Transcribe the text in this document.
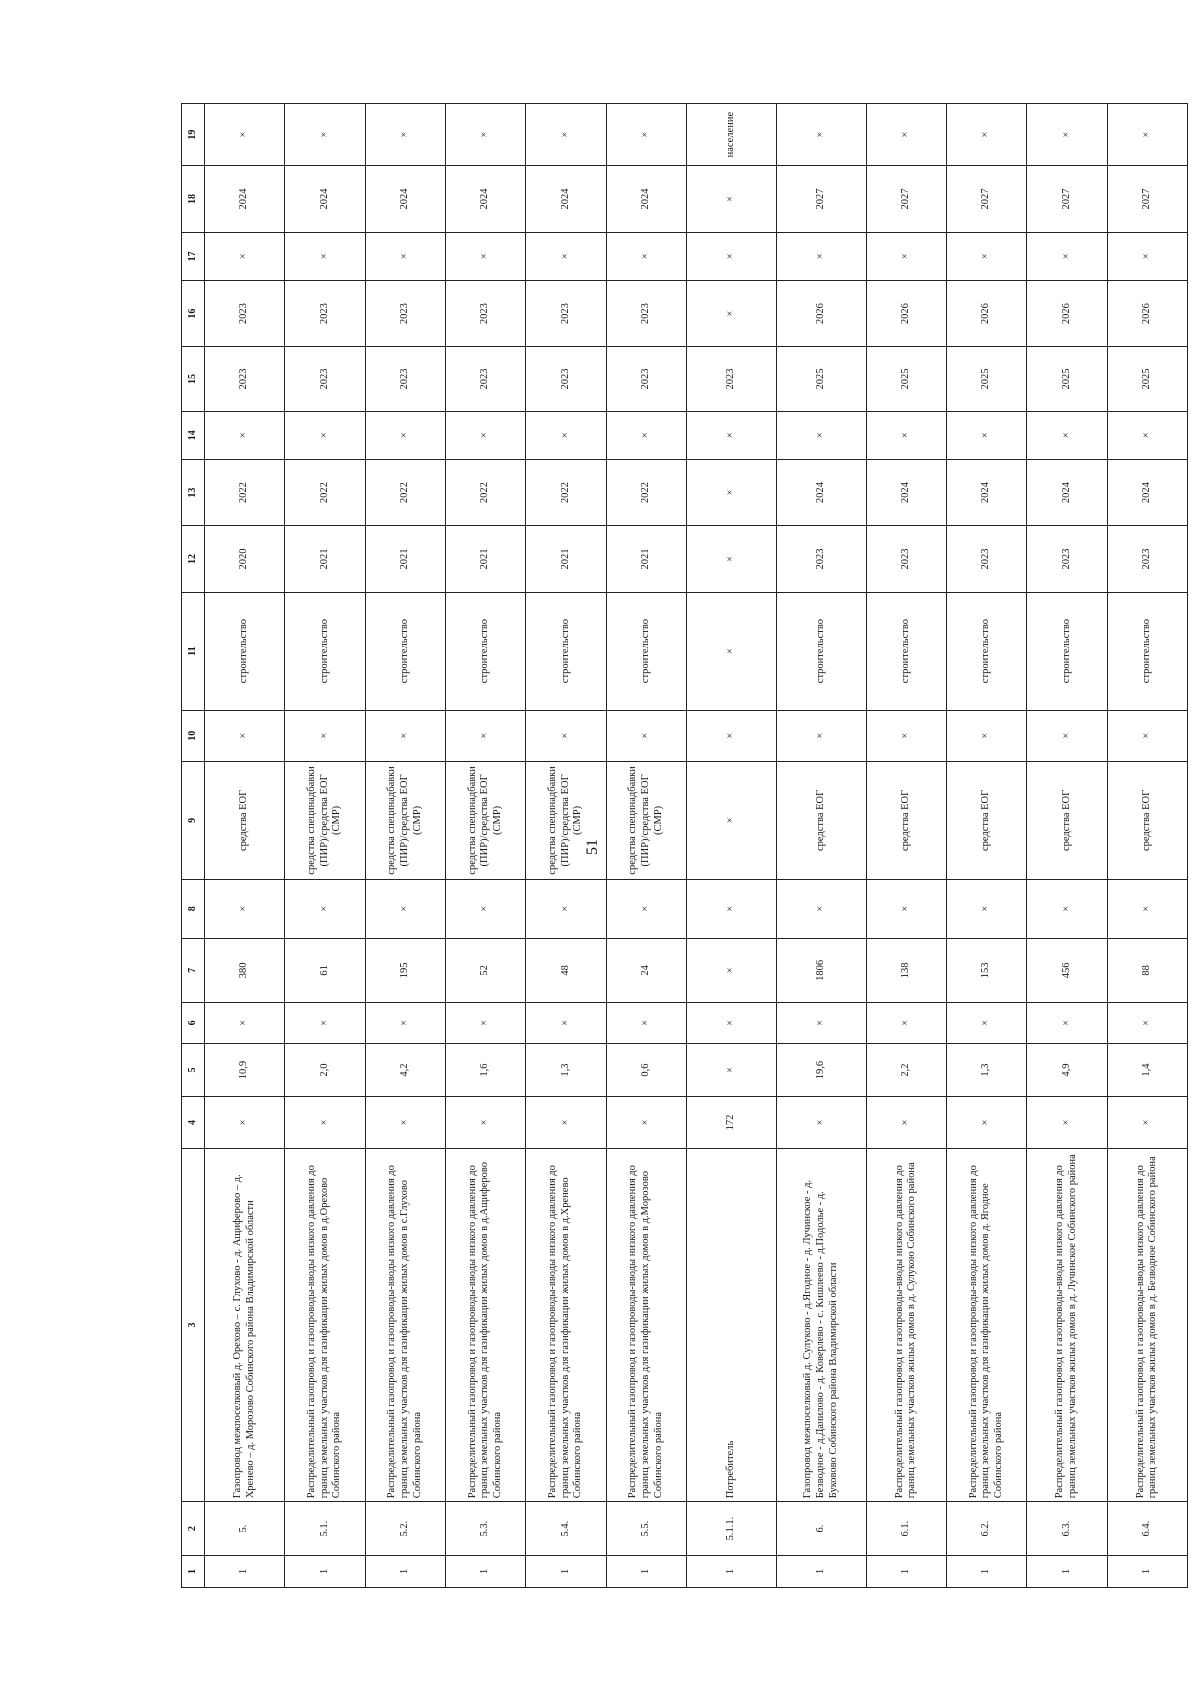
51
1	2	3	4	5	6	7	8	9	10	11	12	13	14	15	16	17	18	19
1	5.	Газопровод межпоселковый д. Орехово – с. Глухово - д. Ащиферово – д. Хренево – д. Морозово Собинского района Владимирской области	×	10,9	×	380	×	средства ЕОГ	×	строительство	2020	2022	×	2023	2023	×	2024	×
1	5.1.	Распределительный газопровод и газопроводы-вводы низкого давления до границ земельных участков для газификации жилых домов в д.Орехово Собинского района	×	2,0	×	61	×	средства специнадбавки (ПИР)/средства ЕОГ (СМР)	×	строительство	2021	2022	×	2023	2023	×	2024	×
1	5.2.	Распределительный газопровод и газопроводы-вводы низкого давления до границ земельных участков для газификации жилых домов в с.Глухово Собинского района	×	4,2	×	195	×	средства специнадбавки (ПИР)/средства ЕОГ (СМР)	×	строительство	2021	2022	×	2023	2023	×	2024	×
1	5.3.	Распределительный газопровод и газопроводы-вводы низкого давления до границ земельных участков для газификации жилых домов в д.Ащиферово Собинского района	×	1,6	×	52	×	средства специнадбавки (ПИР)/средства ЕОГ (СМР)	×	строительство	2021	2022	×	2023	2023	×	2024	×
1	5.4.	Распределительный газопровод и газопроводы-вводы низкого давления до границ земельных участков для газификации жилых домов в д.Хренево Собинского района	×	1,3	×	48	×	средства специнадбавки (ПИР)/средства ЕОГ (СМР)	×	строительство	2021	2022	×	2023	2023	×	2024	×
1	5.5.	Распределительный газопровод и газопроводы-вводы низкого давления до границ земельных участков для газификации жилых домов в д.Морозово Собинского района	×	0,6	×	24	×	средства специнадбавки (ПИР)/средства ЕОГ (СМР)	×	строительство	2021	2022	×	2023	2023	×	2024	×
1	5.1.1.	Потребитель	172	×	×	×	×	×	×	×	×	×	×	2023	×	×	×	население
1	6.	Газопровод межпоселковый д. Сулуково - д.Ягодное - д. Лучинское - д. Безводное - д.Данилово - д. Коверлево - с. Кишлеево - д.Подолье - д. Буковово Собинского района Владимирской области	×	19,6	×	1806	×	средства ЕОГ	×	строительство	2023	2024	×	2025	2026	×	2027	×
1	6.1.	Распределительный газопровод и газопроводы-вводы низкого давления до границ земельных участков жилых домов в д. Сулукою Собинского района	×	2,2	×	138	×	средства ЕОГ	×	строительство	2023	2024	×	2025	2026	×	2027	×
1	6.2.	Распределительный газопровод и газопроводы-вводы низкого давления до границ земельных участков для газификации жилых домов д. Ягодное Собинского района	×	1,3	×	153	×	средства ЕОГ	×	строительство	2023	2024	×	2025	2026	×	2027	×
1	6.3.	Распределительный газопровод и газопроводы-вводы низкого давления до границ земельных участков жилых домов в д. Лучинское Собинского района	×	4,9	×	456	×	средства ЕОГ	×	строительство	2023	2024	×	2025	2026	×	2027	×
1	6.4.	Распределительный газопровод и газопроводы-вводы низкого давления до границ земельных участков жилых домов в д. Безводное Собинского района	×	1,4	×	88	×	средства ЕОГ	×	строительство	2023	2024	×	2025	2026	×	2027	×
